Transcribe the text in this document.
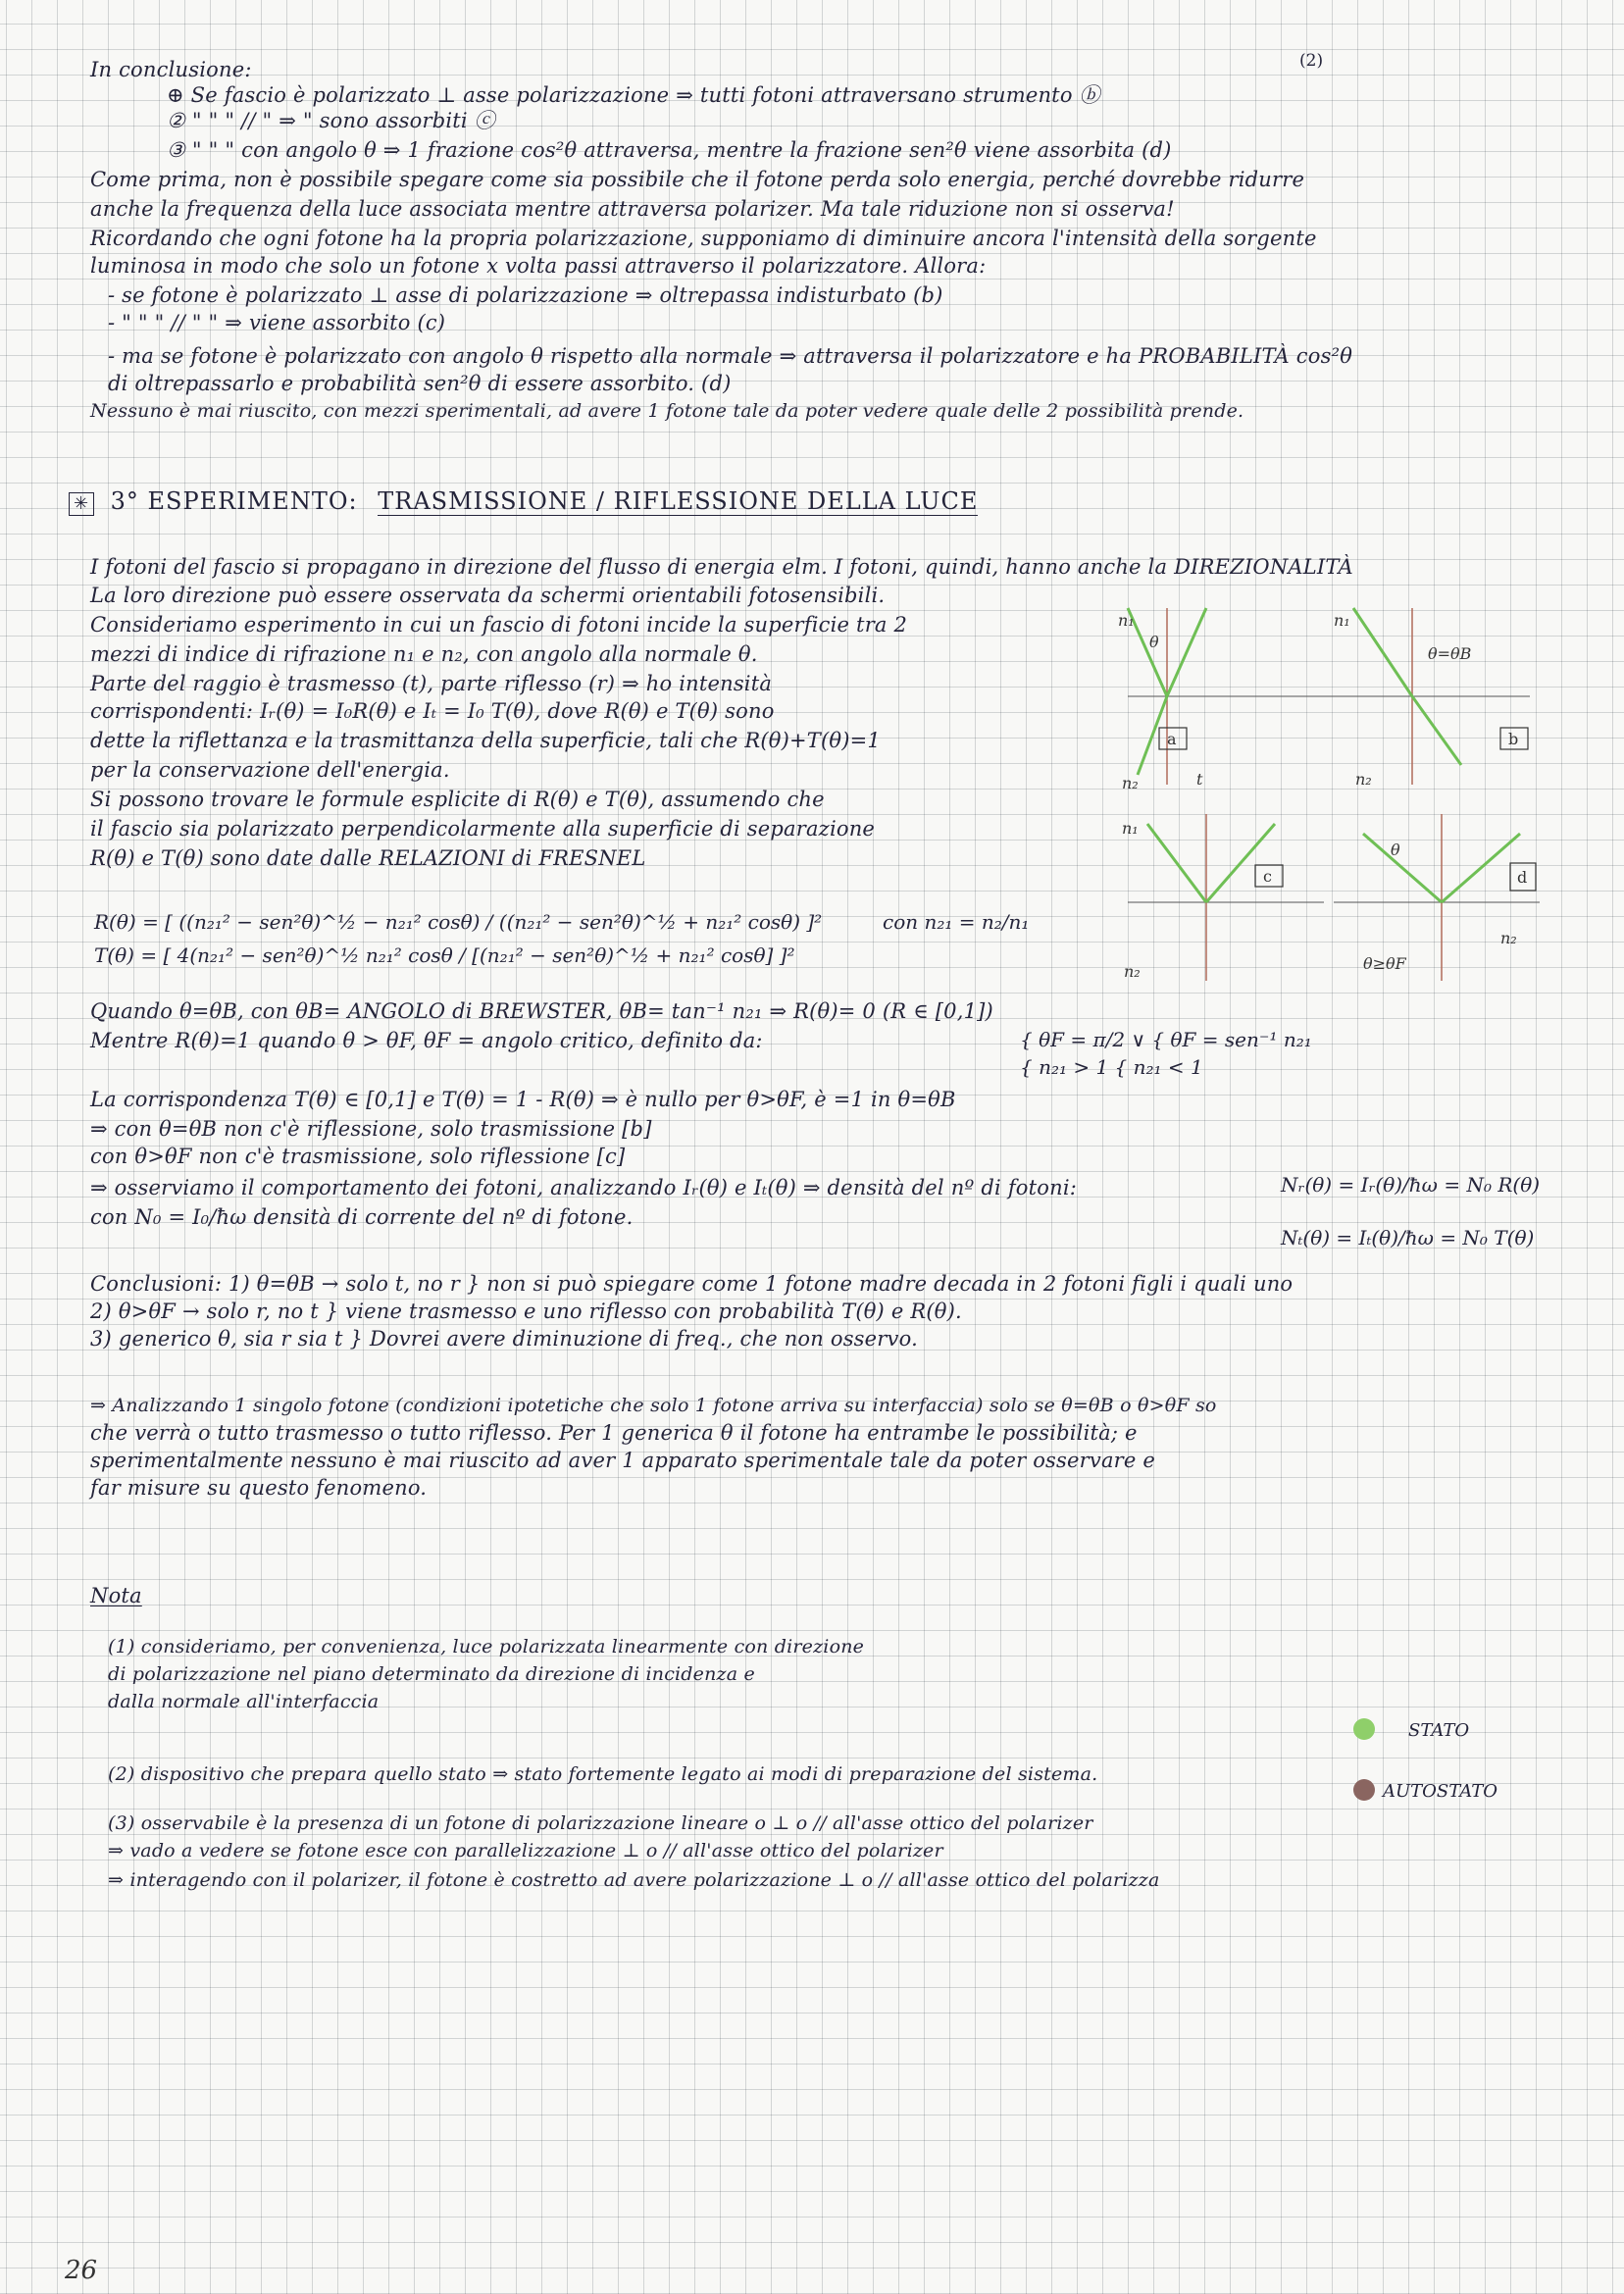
(2)
In conclusione:
⊕ Se fascio è polarizzato ⊥ asse polarizzazione ⇒ tutti fotoni attraversano strumento ⓑ
② " " " // " ⇒ " sono assorbiti ⓒ
③ " " " con angolo θ ⇒ 1 frazione cos²θ attraversa, mentre la frazione sen²θ viene assorbita (d)
Come prima, non è possibile spegare come sia possibile che il fotone perda solo energia, perché dovrebbe ridurre
anche la frequenza della luce associata mentre attraversa polarizer. Ma tale riduzione non si osserva!
Ricordando che ogni fotone ha la propria polarizzazione, supponiamo di diminuire ancora l'intensità della sorgente
luminosa in modo che solo un fotone x volta passi attraverso il polarizzatore. Allora:
- se fotone è polarizzato ⊥ asse di polarizzazione ⇒ oltrepassa indisturbato (b)
- " " " // " " ⇒ viene assorbito (c)
- ma se fotone è polarizzato con angolo θ rispetto alla normale ⇒ attraversa il polarizzatore e ha PROBABILITÀ cos²θ
di oltrepassarlo e probabilità sen²θ di essere assorbito. (d)
Nessuno è mai riuscito, con mezzi sperimentali, ad avere 1 fotone tale da poter vedere quale delle 2 possibilità prende.
I fotoni del fascio si propagano in direzione del flusso di energia elm. I fotoni, quindi, hanno anche la DIREZIONALITÀ
La loro direzione può essere osservata da schermi orientabili fotosensibili.
Consideriamo esperimento in cui un fascio di fotoni incide la superficie tra 2
mezzi di indice di rifrazione n₁ e n₂, con angolo alla normale θ.
Parte del raggio è trasmesso (t), parte riflesso (r) ⇒ ho intensità
corrispondenti: Iᵣ(θ) = I₀R(θ) e Iₜ = I₀ T(θ), dove R(θ) e T(θ) sono
dette la riflettanza e la trasmittanza della superficie, tali che R(θ)+T(θ)=1
per la conservazione dell'energia.
Si possono trovare le formule esplicite di R(θ) e T(θ), assumendo che
il fascio sia polarizzato perpendicolarmente alla superficie di separazione
R(θ) e T(θ) sono date dalle RELAZIONI di FRESNEL
Quando θ=θB, con θB= ANGOLO di BREWSTER, θB= tan⁻¹ n₂₁ ⇒ R(θ)= 0 (R ∈ [0,1])
Mentre R(θ)=1 quando θ > θF, θF = angolo critico, definito da:
La corrispondenza T(θ) ∈ [0,1] e T(θ) = 1 - R(θ) ⇒ è nullo per θ>θF, è =1 in θ=θB
⇒ con θ=θB non c'è riflessione, solo trasmissione [b]
con θ>θF non c'è trasmissione, solo riflessione [c]
⇒ osserviamo il comportamento dei fotoni, analizzando Iᵣ(θ) e Iₜ(θ) ⇒ densità del nº di fotoni:
con N₀ = I₀/ħω densità di corrente del nº di fotone.
Conclusioni: 1) θ=θB → solo t, no r } non si può spiegare come 1 fotone madre decada in 2 fotoni figli i quali uno
2) θ>θF → solo r, no t } viene trasmesso e uno riflesso con probabilità T(θ) e R(θ).
3) generico θ, sia r sia t } Dovrei avere diminuzione di freq., che non osservo.
⇒ Analizzando 1 singolo fotone (condizioni ipotetiche che solo 1 fotone arriva su interfaccia) solo se θ=θB o θ>θF so
che verrà o tutto trasmesso o tutto riflesso. Per 1 generica θ il fotone ha entrambe le possibilità; e
sperimentalmente nessuno è mai riuscito ad aver 1 apparato sperimentale tale da poter osservare e
far misure su questo fenomeno.
Nota
(1) consideriamo, per convenienza, luce polarizzata linearmente con direzione
di polarizzazione nel piano determinato da direzione di incidenza e
dalla normale all'interfaccia
(2) dispositivo che prepara quello stato ⇒ stato fortemente legato ai modi di preparazione del sistema.
(3) osservabile è la presenza di un fotone di polarizzazione lineare o ⊥ o // all'asse ottico del polarizer
⇒ vado a vedere se fotone esce con parallelizzazione ⊥ o // all'asse ottico del polarizer
⇒ interagendo con il polarizer, il fotone è costretto ad avere polarizzazione ⊥ o // all'asse ottico del polarizza
✳ 3° ESPERIMENTO: TRASMISSIONE / RIFLESSIONE DELLA LUCE
R(θ) = [ ((n₂₁² − sen²θ)^½ − n₂₁² cosθ) / ((n₂₁² − sen²θ)^½ + n₂₁² cosθ) ]²
T(θ) = [ 4(n₂₁² − sen²θ)^½ n₂₁² cosθ / [(n₂₁² − sen²θ)^½ + n₂₁² cosθ] ]²
con n₂₁ = n₂/n₁
{ θF = π/2 ∨ { θF = sen⁻¹ n₂₁
{ n₂₁ > 1 { n₂₁ < 1
Nᵣ(θ) = Iᵣ(θ)/ħω = N₀ R(θ)
Nₜ(θ) = Iₜ(θ)/ħω = N₀ T(θ)
n₁
θ
n₂	t
a
n₁
θ=θB
n₂
b
n₁
n₂
c
θ
n₂
θ≥θF
d
STATO
AUTOSTATO
26
